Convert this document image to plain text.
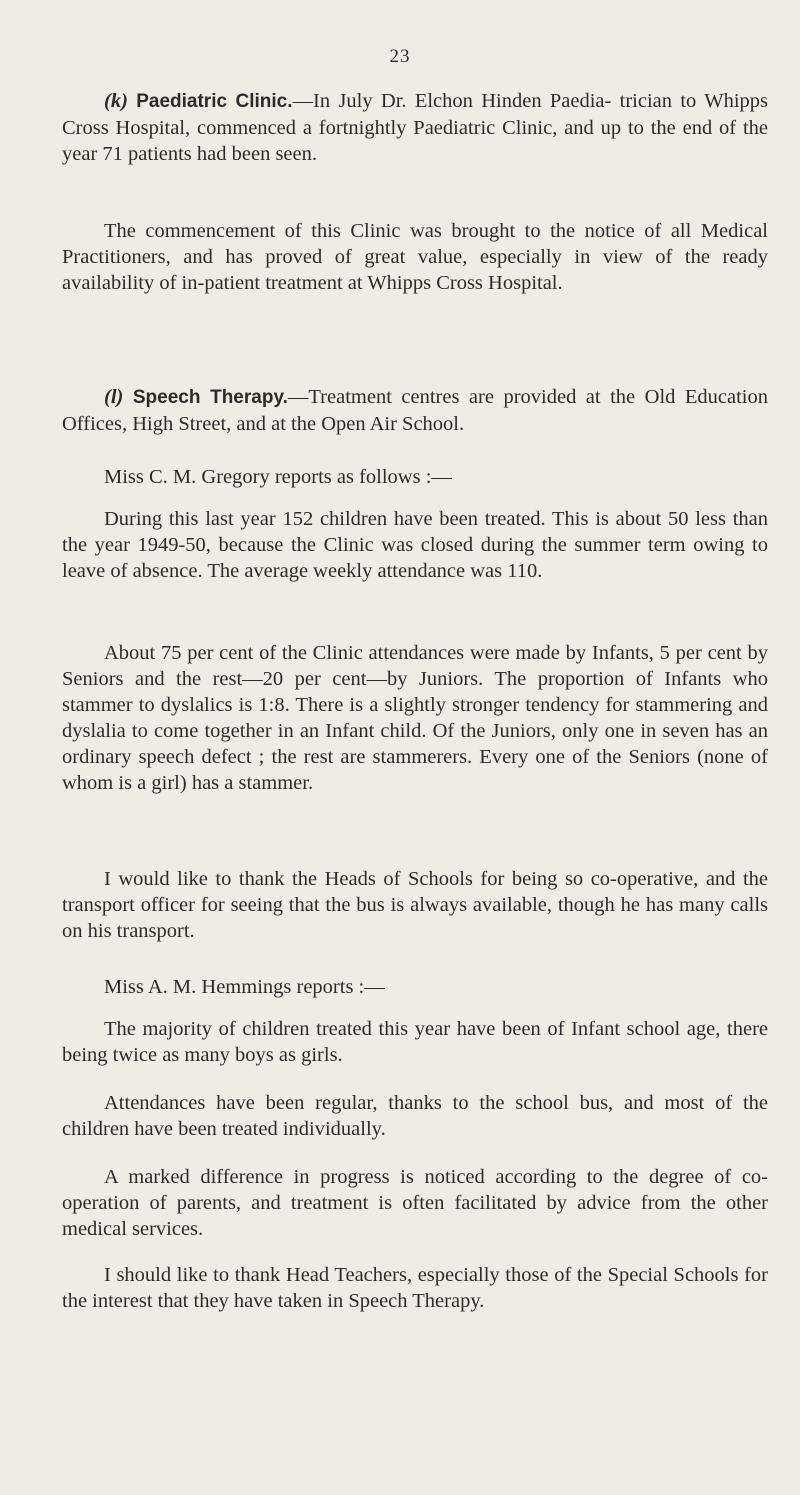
23

(k) Paediatric Clinic.—In July Dr. Elchon Hinden Paedia- trician to Whipps Cross Hospital, commenced a fortnightly Paediatric Clinic, and up to the end of the year 71 patients had been seen.

The commencement of this Clinic was brought to the notice of all Medical Practitioners, and has proved of great value, especially in view of the ready availability of in-patient treatment at Whipps Cross Hospital.

(l) Speech Therapy.—Treatment centres are provided at the Old Education Offices, High Street, and at the Open Air School.

Miss C. M. Gregory reports as follows :—

During this last year 152 children have been treated. This is about 50 less than the year 1949-50, because the Clinic was closed during the summer term owing to leave of absence. The average weekly attendance was 110.

About 75 per cent of the Clinic attendances were made by Infants, 5 per cent by Seniors and the rest—20 per cent—by Juniors. The proportion of Infants who stammer to dyslalics is 1:8. There is a slightly stronger tendency for stammering and dyslalia to come together in an Infant child. Of the Juniors, only one in seven has an ordinary speech defect ; the rest are stammerers. Every one of the Seniors (none of whom is a girl) has a stammer.

I would like to thank the Heads of Schools for being so co-operative, and the transport officer for seeing that the bus is always available, though he has many calls on his transport.

Miss A. M. Hemmings reports :—

The majority of children treated this year have been of Infant school age, there being twice as many boys as girls.

Attendances have been regular, thanks to the school bus, and most of the children have been treated individually.

A marked difference in progress is noticed according to the degree of co-operation of parents, and treatment is often facilitated by advice from the other medical services.

I should like to thank Head Teachers, especially those of the Special Schools for the interest that they have taken in Speech Therapy.
